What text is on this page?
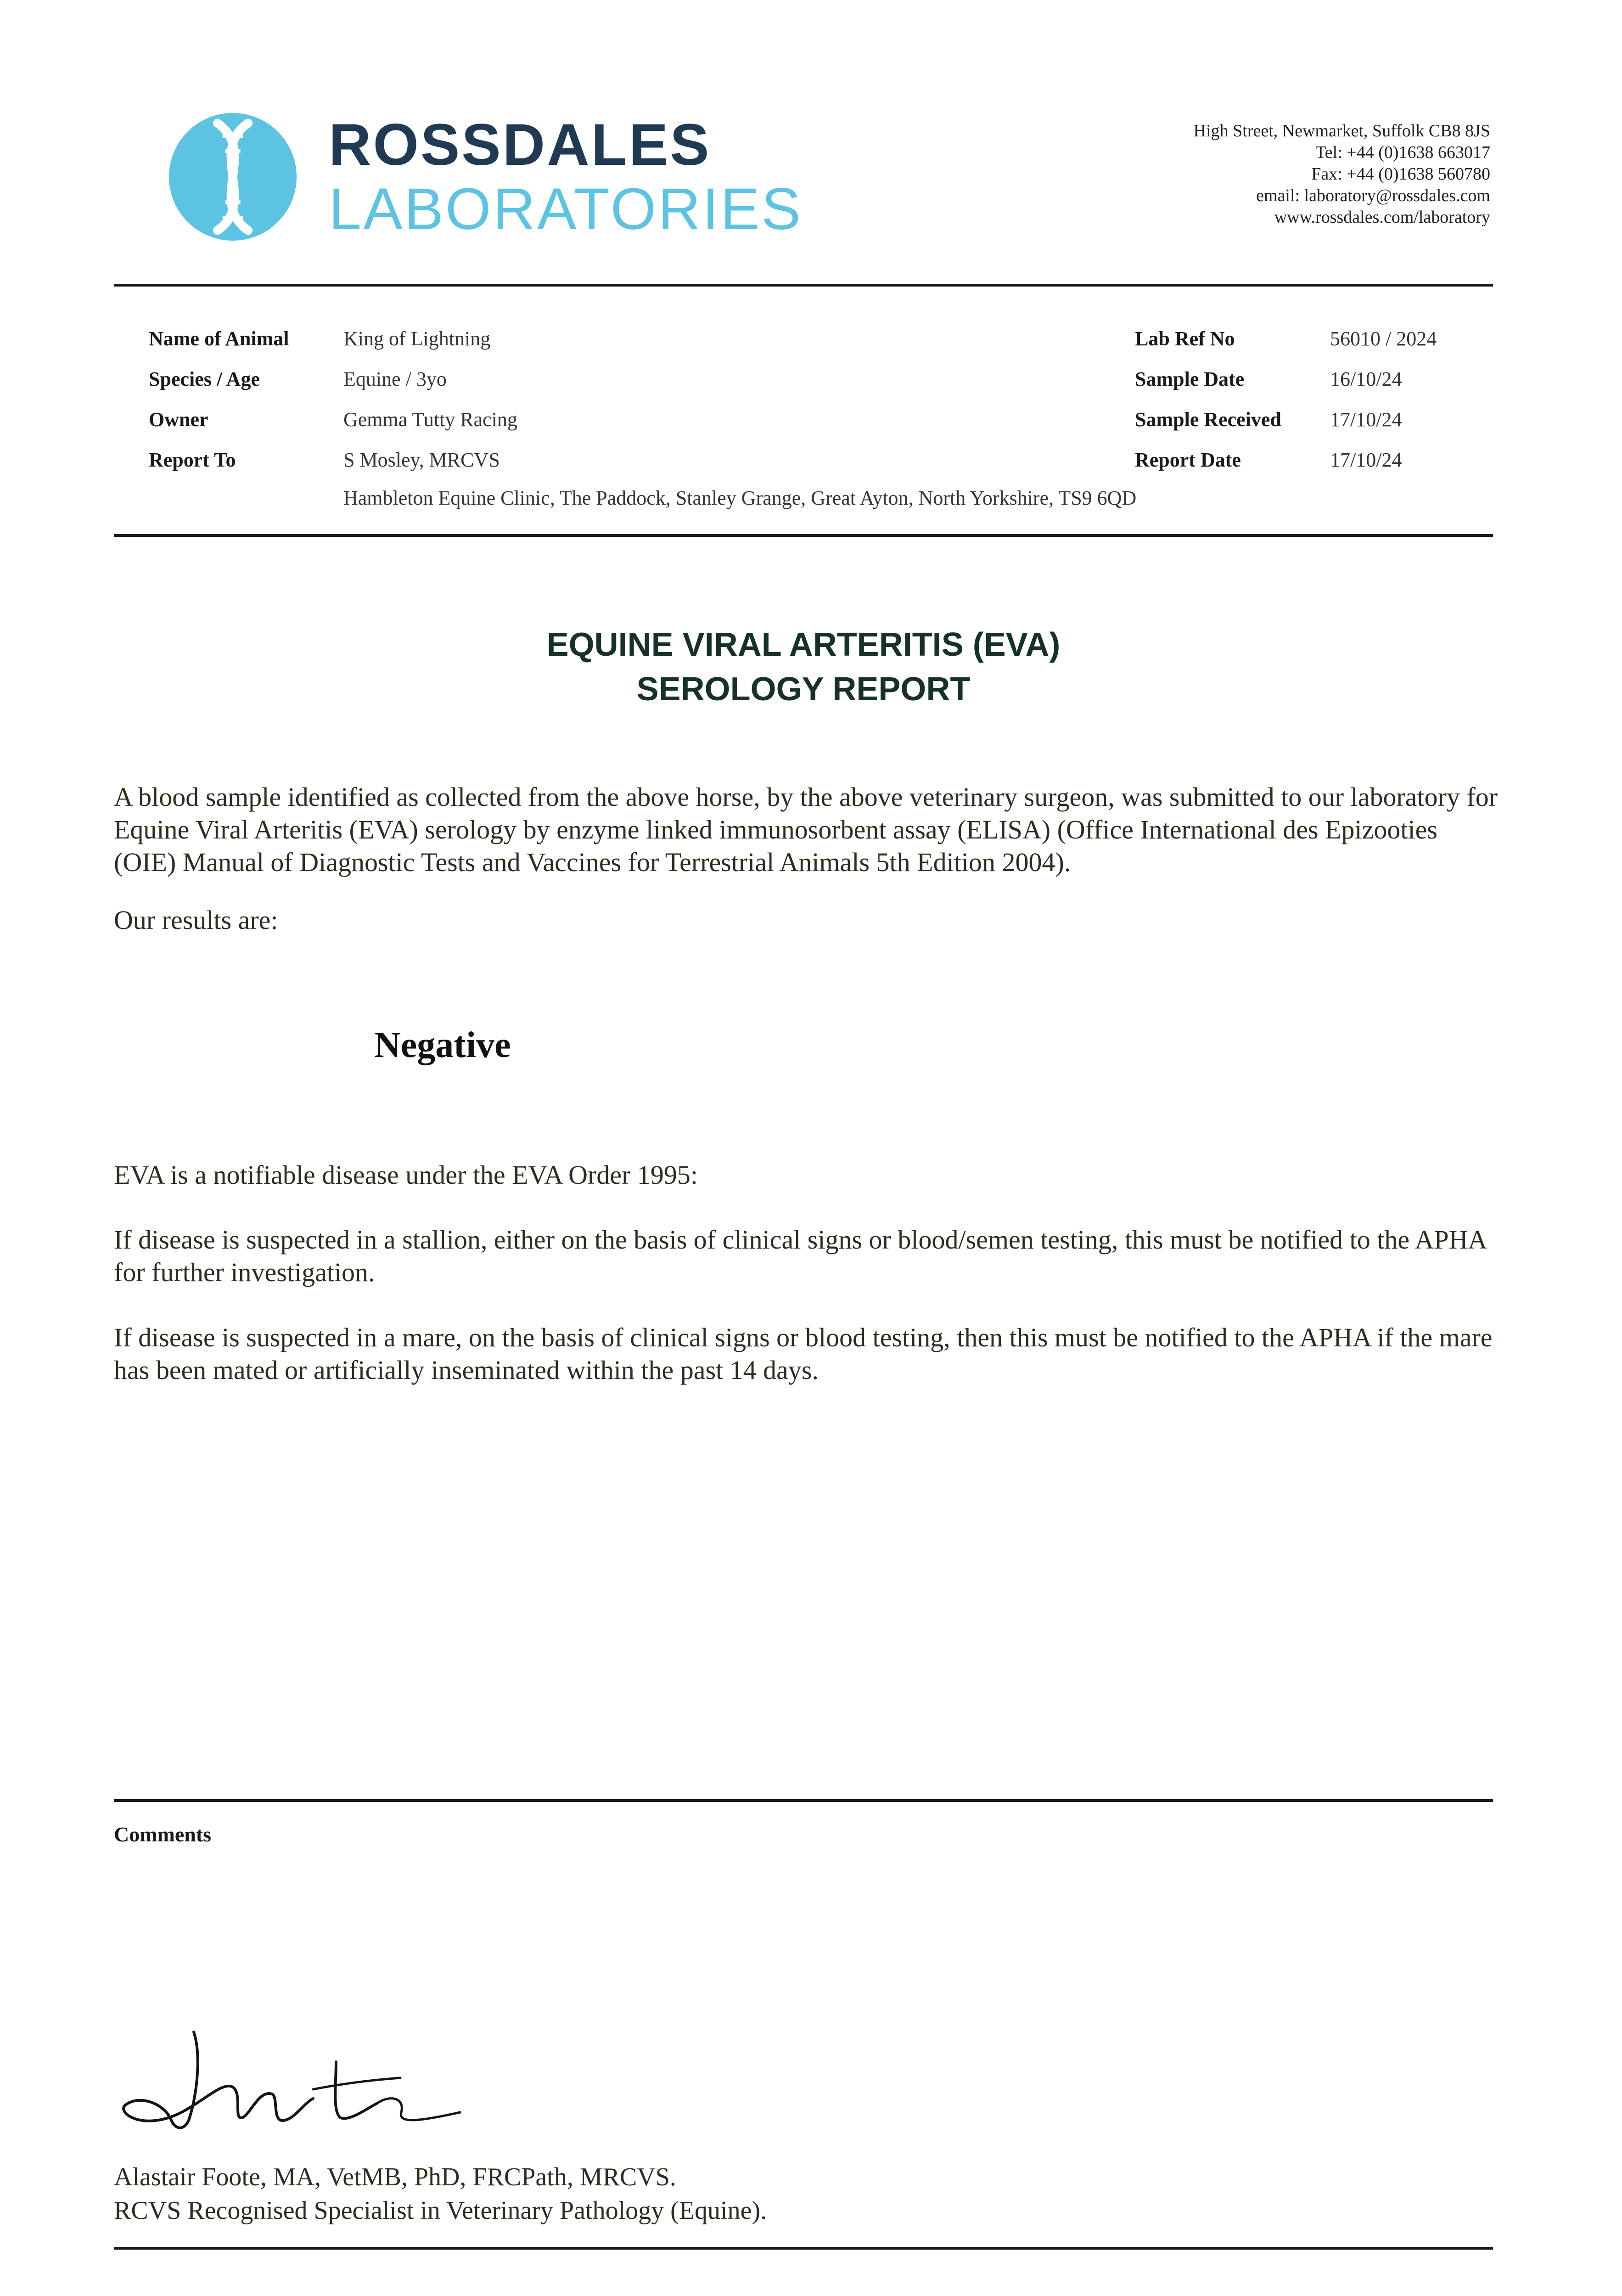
ROSSDALES
LABORATORIES
High Street, Newmarket, Suffolk CB8 8JS
Tel: +44 (0)1638 663017
Fax: +44 (0)1638 560780
email: laboratory@rossdales.com
www.rossdales.com/laboratory
Name of Animal	King of Lightning
Species / Age	Equine / 3yo
Owner	Gemma Tutty Racing
Report To	S Mosley, MRCVS
Hambleton Equine Clinic, The Paddock, Stanley Grange, Great Ayton, North Yorkshire, TS9 6QD
Lab Ref No	56010 / 2024
Sample Date	16/10/24
Sample Received 17/10/24
Report Date	17/10/24
EQUINE VIRAL ARTERITIS (EVA)
SEROLOGY REPORT
A blood sample identified as collected from the above horse, by the above veterinary surgeon, was submitted to our laboratory for Equine Viral Arteritis (EVA) serology by enzyme linked immunosorbent assay (ELISA) (Office International des Epizooties (OIE) Manual of Diagnostic Tests and Vaccines for Terrestrial Animals 5th Edition 2004).
Our results are:
Negative
EVA is a notifiable disease under the EVA Order 1995:
If disease is suspected in a stallion, either on the basis of clinical signs or blood/semen testing, this must be notified to the APHA for further investigation.
If disease is suspected in a mare, on the basis of clinical signs or blood testing, then this must be notified to the APHA if the mare has been mated or artificially inseminated within the past 14 days.
Comments
Alastair Foote, MA, VetMB, PhD, FRCPath, MRCVS.
RCVS Recognised Specialist in Veterinary Pathology (Equine).
